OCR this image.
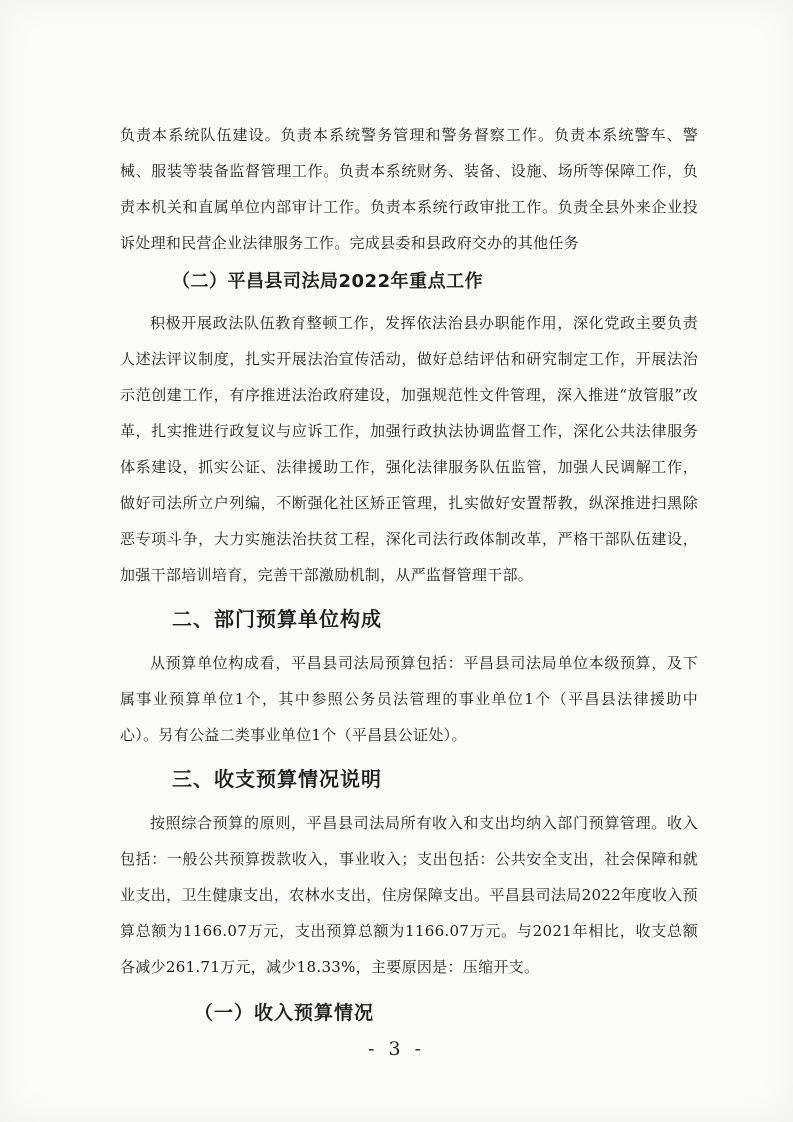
负责本系统队伍建设。负责本系统警务管理和警务督察工作。负责本系统警车、警械、服装等装备监督管理工作。负责本系统财务、装备、设施、场所等保障工作，负责本机关和直属单位内部审计工作。负责本系统行政审批工作。负责全县外来企业投诉处理和民营企业法律服务工作。完成县委和县政府交办的其他任务

（二）平昌县司法局2022年重点工作

积极开展政法队伍教育整顿工作，发挥依法治县办职能作用，深化党政主要负责人述法评议制度，扎实开展法治宣传活动，做好总结评估和研究制定工作，开展法治示范创建工作，有序推进法治政府建设，加强规范性文件管理，深入推进“放管服”改革，扎实推进行政复议与应诉工作，加强行政执法协调监督工作，深化公共法律服务体系建设，抓实公证、法律援助工作，强化法律服务队伍监管，加强人民调解工作，做好司法所立户列编，不断强化社区矫正管理，扎实做好安置帮教，纵深推进扫黑除恶专项斗争，大力实施法治扶贫工程，深化司法行政体制改革，严格干部队伍建设，加强干部培训培育，完善干部激励机制，从严监督管理干部。

二、部门预算单位构成

从预算单位构成看，平昌县司法局预算包括：平昌县司法局单位本级预算，及下属事业预算单位1个，其中参照公务员法管理的事业单位1个（平昌县法律援助中心）。另有公益二类事业单位1个（平昌县公证处）。

三、收支预算情况说明

按照综合预算的原则，平昌县司法局所有收入和支出均纳入部门预算管理。收入包括：一般公共预算拨款收入，事业收入；支出包括：公共安全支出，社会保障和就业支出，卫生健康支出，农林水支出，住房保障支出。平昌县司法局2022年度收入预算总额为1166.07万元，支出预算总额为1166.07万元。与2021年相比，收支总额各减少261.71万元，减少18.33%，主要原因是：压缩开支。

（一）收入预算情况
- 3 -
